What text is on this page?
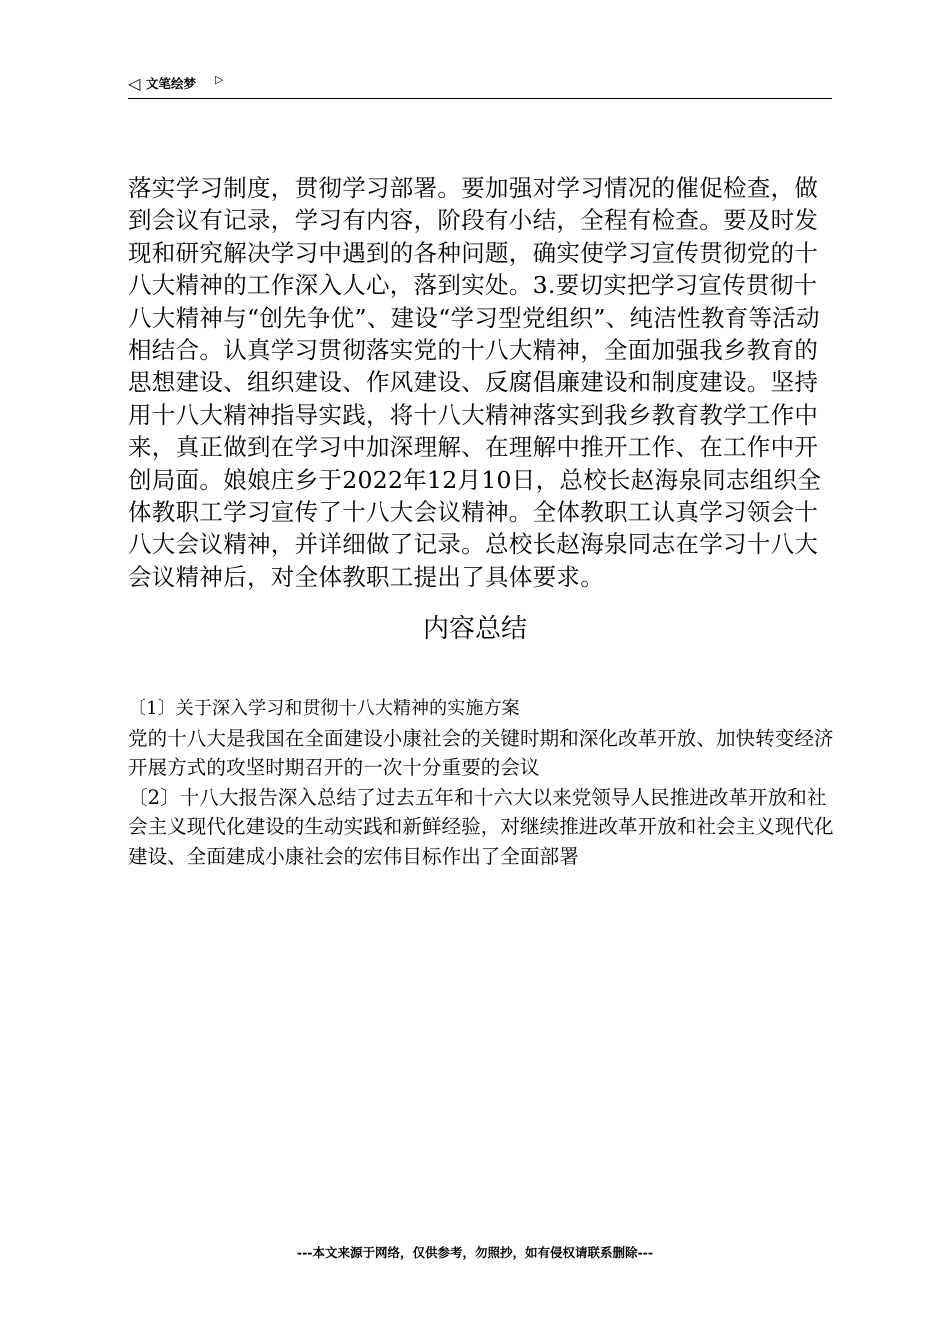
◁ 文笔绘梦 ▷

落实学习制度，贯彻学习部署。要加强对学习情况的催促检查，做到会议有记录，学习有内容，阶段有小结，全程有检查。要及时发现和研究解决学习中遇到的各种问题，确实使学习宣传贯彻党的十八大精神的工作深入人心，落到实处。3.要切实把学习宣传贯彻十八大精神与“创先争优”、建设“学习型党组织”、纯洁性教育等活动相结合。认真学习贯彻落实党的十八大精神，全面加强我乡教育的思想建设、组织建设、作风建设、反腐倡廉建设和制度建设。坚持用十八大精神指导实践，将十八大精神落实到我乡教育教学工作中来，真正做到在学习中加深理解、在理解中推开工作、在工作中开创局面。娘娘庄乡于2022年12月10日，总校长赵海泉同志组织全体教职工学习宣传了十八大会议精神。全体教职工认真学习领会十八大会议精神，并详细做了记录。总校长赵海泉同志在学习十八大会议精神后，对全体教职工提出了具体要求。

内容总结

〔1〕关于深入学习和贯彻十八大精神的实施方案

党的十八大是我国在全面建设小康社会的关键时期和深化改革开放、加快转变经济开展方式的攻坚时期召开的一次十分重要的会议

〔2〕十八大报告深入总结了过去五年和十六大以来党领导人民推进改革开放和社会主义现代化建设的生动实践和新鲜经验，对继续推进改革开放和社会主义现代化建设、全面建成小康社会的宏伟目标作出了全面部署

---本文来源于网络，仅供参考，勿照抄，如有侵权请联系删除---
